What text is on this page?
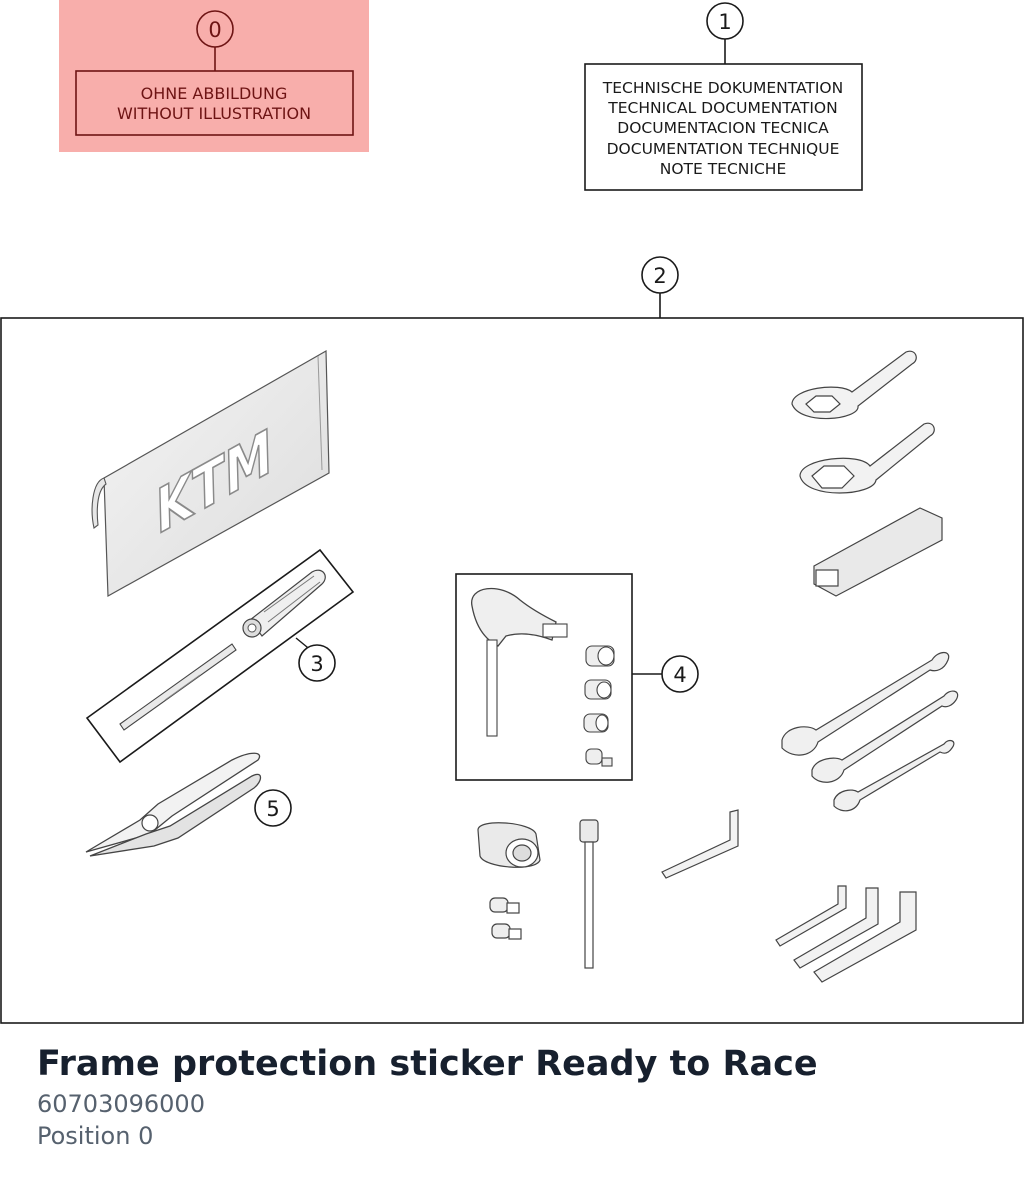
0
OHNE ABBILDUNG
WITHOUT ILLUSTRATION
1
TECHNISCHE DOKUMENTATION
TECHNICAL DOCUMENTATION
DOCUMENTACION TECNICA
DOCUMENTATION TECHNIQUE
NOTE TECNICHE
2
KTM
3
5
4
Frame protection sticker Ready to Race
60703096000
Position 0
